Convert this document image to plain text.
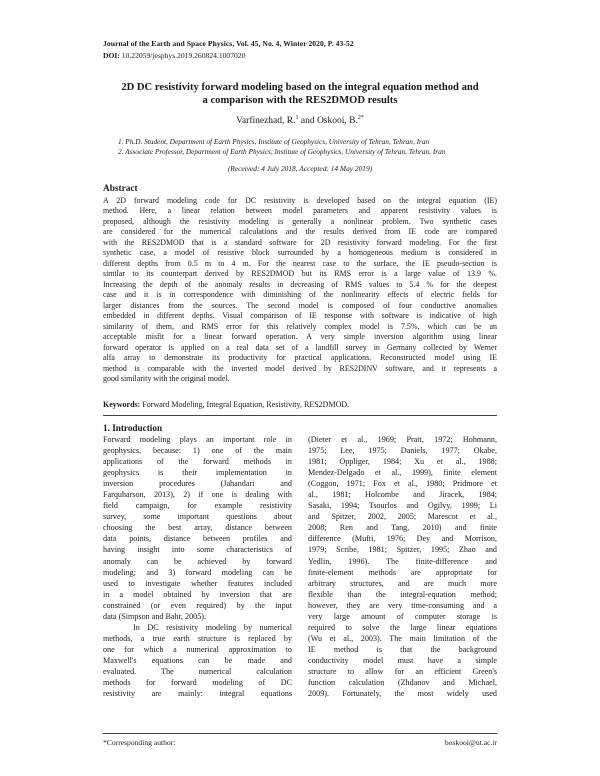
Journal of the Earth and Space Physics, Vol. 45, No. 4, Winter 2020, P. 43-52
DOI: 10.22059/jesphys.2019.260824.1007020
2D DC resistivity forward modeling based on the integral equation method and
a comparison with the RES2DMOD results
Varfinezhad, R.$^1$ and Oskooi, B.$^{2*}$
1. Ph.D. Student, Department of Earth Physics, Institute of Geophysics, University of Tehran, Tehran, Iran
2. Associate Professor, Department of Earth Physics, Institute of Geophysics, University of Tehran, Tehran, Iran
(Received: 4 July 2018, Accepted: 14 May 2019)
Abstract
A 2D forward modeling code for DC resistivity is developed based on the integral equation (IE)
method. Here, a linear relation between model parameters and apparent resistivity values is
proposed, although the resistivity modeling is generally a nonlinear problem. Two synthetic cases
are considered for the numerical calculations and the results derived from IE code are compared
with the RES2DMOD that is a standard software for 2D resistivity forward modeling. For the first
synthetic case, a model of resistive block surrounded by a homogeneous medium is considered in
different depths from 0.5 m to 4 m. For the nearest case to the surface, the IE pseudo-section is
similar to its counterpart derived by RES2DMOD but its RMS error is a large value of 13.9 %.
Increasing the depth of the anomaly results in decreasing of RMS values to 5.4 % for the deepest
case and it is in correspondence with diminishing of the nonlinearity effects of electric fields for
larger distances from the sources. The second model is composed of four conductive anomalies
embedded in different depths. Visual comparison of IE response with software is indicative of high
similarity of them, and RMS error for this relatively complex model is 7.5%, which can be an
acceptable misfit for a linear forward operation. A very simple inversion algorithm using linear
forward operator is applied on a real data set of a landfill survey in Germany collected by Werner
alfa array to demonstrate its productivity for practical applications. Reconstructed model using IE
method is comparable with the inverted model derived by RES2DINV software, and it represents a
good similarity with the original model.
Keywords: Forward Modeling, Integral Equation, Resistivity, RES2DMOD.
1. Introduction
Forward modeling plays an important role in
geophysics, because: 1) one of the main
applications of the forward methods in
geophysics is their implementation in
inversion procedures (Jahandari and
Farquharson, 2013), 2) if one is dealing with
field campaign, for example resistivity
survey, some important questions about
choosing the best array, distance between
data points, distance between profiles and
having insight into some characteristics of
anomaly can be achieved by forward
modeling; and 3) forward modeling can be
used to investigate whether features included
in a model obtained by inversion that are
constrained (or even required) by the input
data (Simpson and Bahr, 2005).
In DC resistivity modeling by numerical
methods, a true earth structure is replaced by
one for which a numerical approximation to
Maxwell's equations can be made and
evaluated. The numerical calculation
methods for forward modeling of DC
resistivity are mainly: integral equations
(Dieter et al., 1969; Pratt, 1972; Hohmann,
1975; Lee, 1975; Daniels, 1977; Okabe,
1981; Oppliger, 1984; Xu et al., 1988;
Mendez-Delgado et al., 1999), finite element
(Coggon, 1971; Fox et al., 1980; Pridmore et
al., 1981; Holcombe and Jiracek, 1984;
Sasaki, 1994; Tsourlos and Ogilvy, 1999; Li
and Spitzer, 2002, 2005; Marescot et al.,
2008; Ren and Tang, 2010) and finite
difference (Mufti, 1976; Dey and Morrison,
1979; Scribe, 1981; Spitzer, 1995; Zhao and
Yedlin, 1996). The finite-difference and
finite-element methods are appropriate for
arbitrary structures, and are much more
flexible than the integral-equation method;
however, they are very time-consuming and a
very large amount of computer storage is
required to solve the large linear equations
(Wu et al., 2003). The main limitation of the
IE method is that the background
conductivity model must have a simple
structure to allow for an efficient Green's
function calculation (Zhdanov and Michael,
2009). Fortunately, the most widely used
*Corresponding author:	boskooi@ut.ac.ir
